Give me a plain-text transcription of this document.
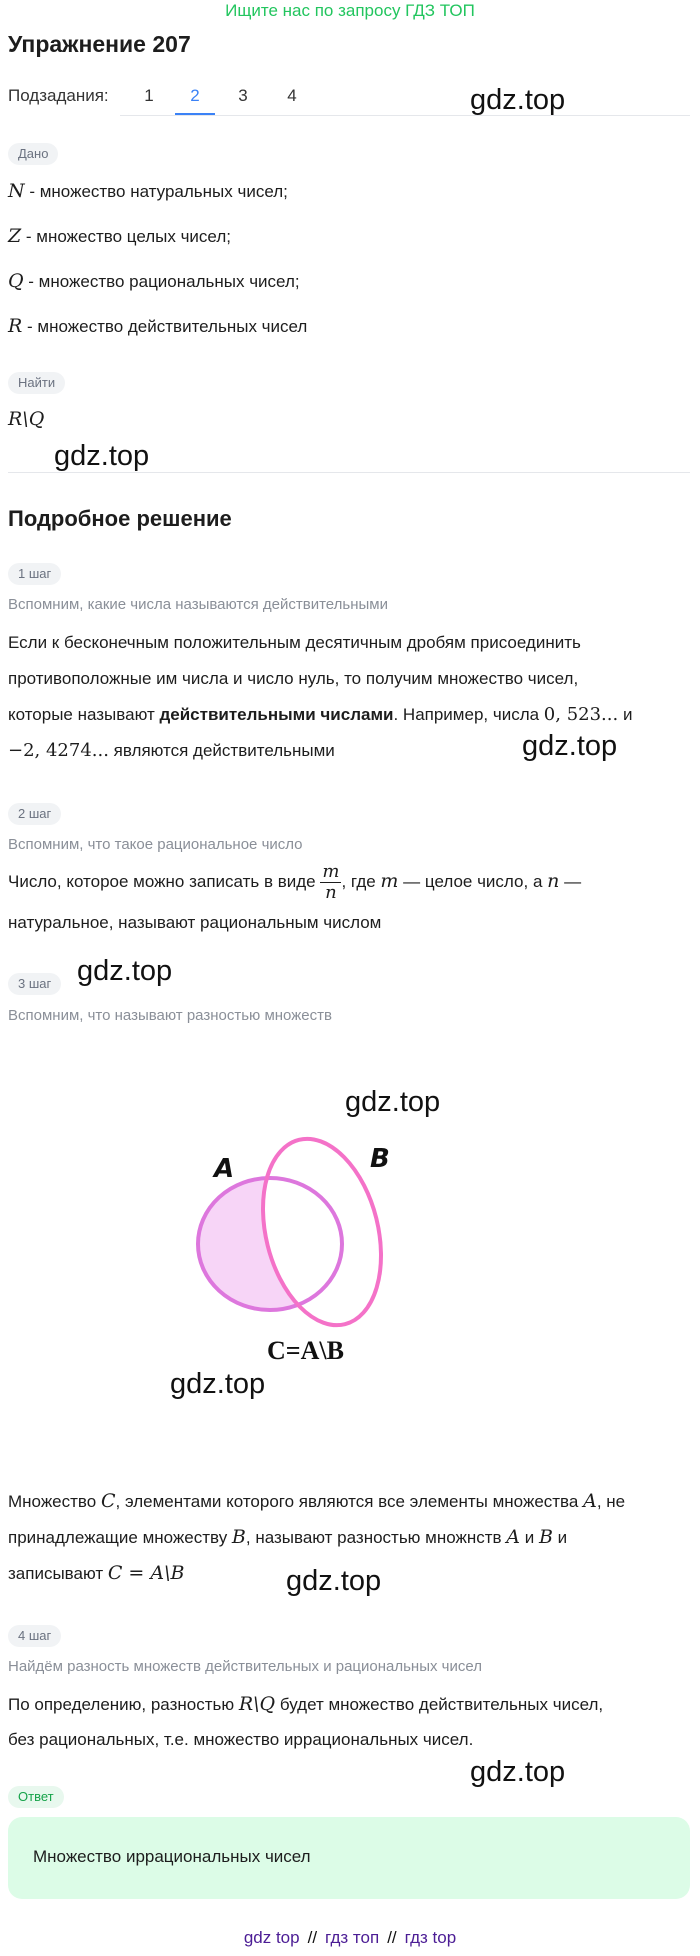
Ищите нас по запросу ГДЗ ТОП
Упражнение 207
Подзадания:	1	2	3	4	gdz.top
Дано
N - множество натуральных чисел;
Z - множество целых чисел;
Q - множество рациональных чисел;
R - множество действительных чисел
Найти
R\Q
gdz.top
Подробное решение
1 шаг
Вспомним, какие числа называются действительными
Если к бесконечным положительным десятичным дробям присоединить
противоположные им числа и число нуль, то получим множество чисел,
которые называют действительными числами. Например, числа 0, 523... и
−2, 4274... являются действительными	gdz.top
2 шаг
Вспомним, что такое рациональное число
Число, которое можно записать в виде $\frac{m}{n}$ , где m — целое число, а n —
натуральное, называют рациональным числом
3 шаг gdz.top
Вспомним, что называют разностью множеств
A	B
C=A\B
gdz.top
gdz.top
Множество C, элементами которого являются все элементы множества A, не
принадлежащие множеству B, называют разностью множнств A и B и
записывают C = A\B	gdz.top
4 шаг
Найдём разность множеств действительных и рациональных чисел
По определению, разностью R\Q будет множество действительных чисел,
без рациональных, т.е. множество иррациональных чисел.
gdz.top
Ответ
Множество иррациональных чисел
gdz top // гдз топ // гдз top
